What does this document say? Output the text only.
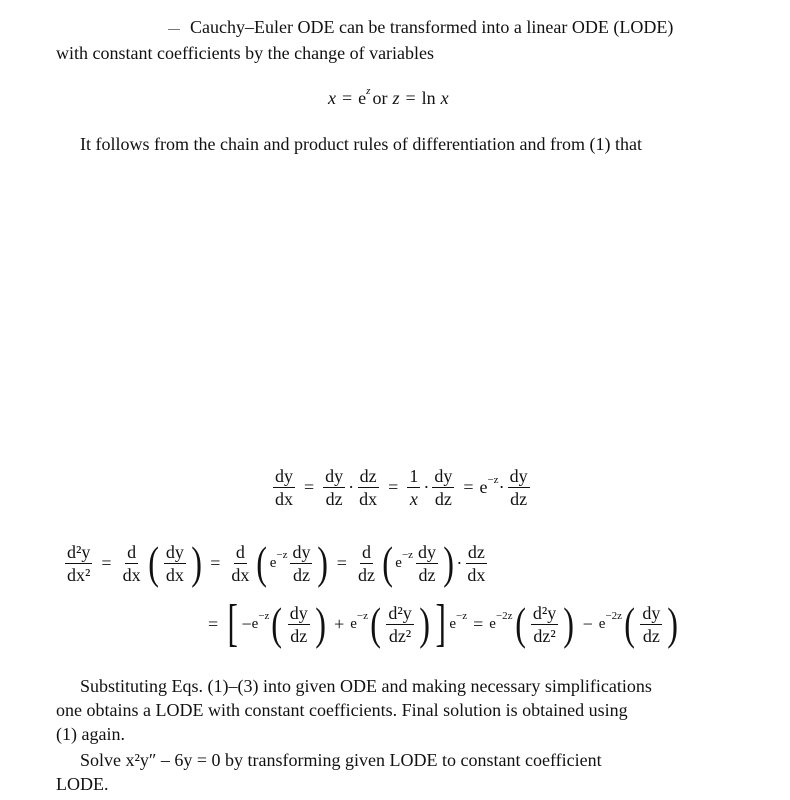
Cauchy–Euler ODE can be transformed into a linear ODE (LODE)
with constant coefficients by the change of variables
x = e z or z = ln x
It follows from the chain and product rules of differentiation and from (1) that
$\frac{dy}{dx} = \frac{dy}{dz} \cdot \frac{dz}{dx} = \frac{1}{x} \cdot \frac{dy}{dz} = e -z \cdot \frac{dy}{dz}$
$\frac{\text{d²y}}{\text{dx²}} = \frac{d}{dx}$ ( $\frac{dy}{dx}$ ) = $\frac{d}{dx}$ ( $e -z \frac{dy}{dz}$ ) = $\frac{d}{dz}$ ( $e -z \frac{dy}{dz}$ ) · $\frac{dz}{dx}$
= [ − e −z ( $\frac{dy}{dz}$ ) + e −z ( $\frac{\text{d²y}}{\text{dz²}}$ ) ] e −z = e −2z ( $\frac{\text{d²y}}{\text{dz²}}$ ) − e −2z ( $\frac{dy}{dz}$ )
Substituting Eqs. (1)–(3) into given ODE and making necessary simplifications
one obtains a LODE with constant coefficients. Final solution is obtained using
(1) again.
Solve x²y″ – 6y = 0 by transforming given LODE to constant coefficient
LODE.
